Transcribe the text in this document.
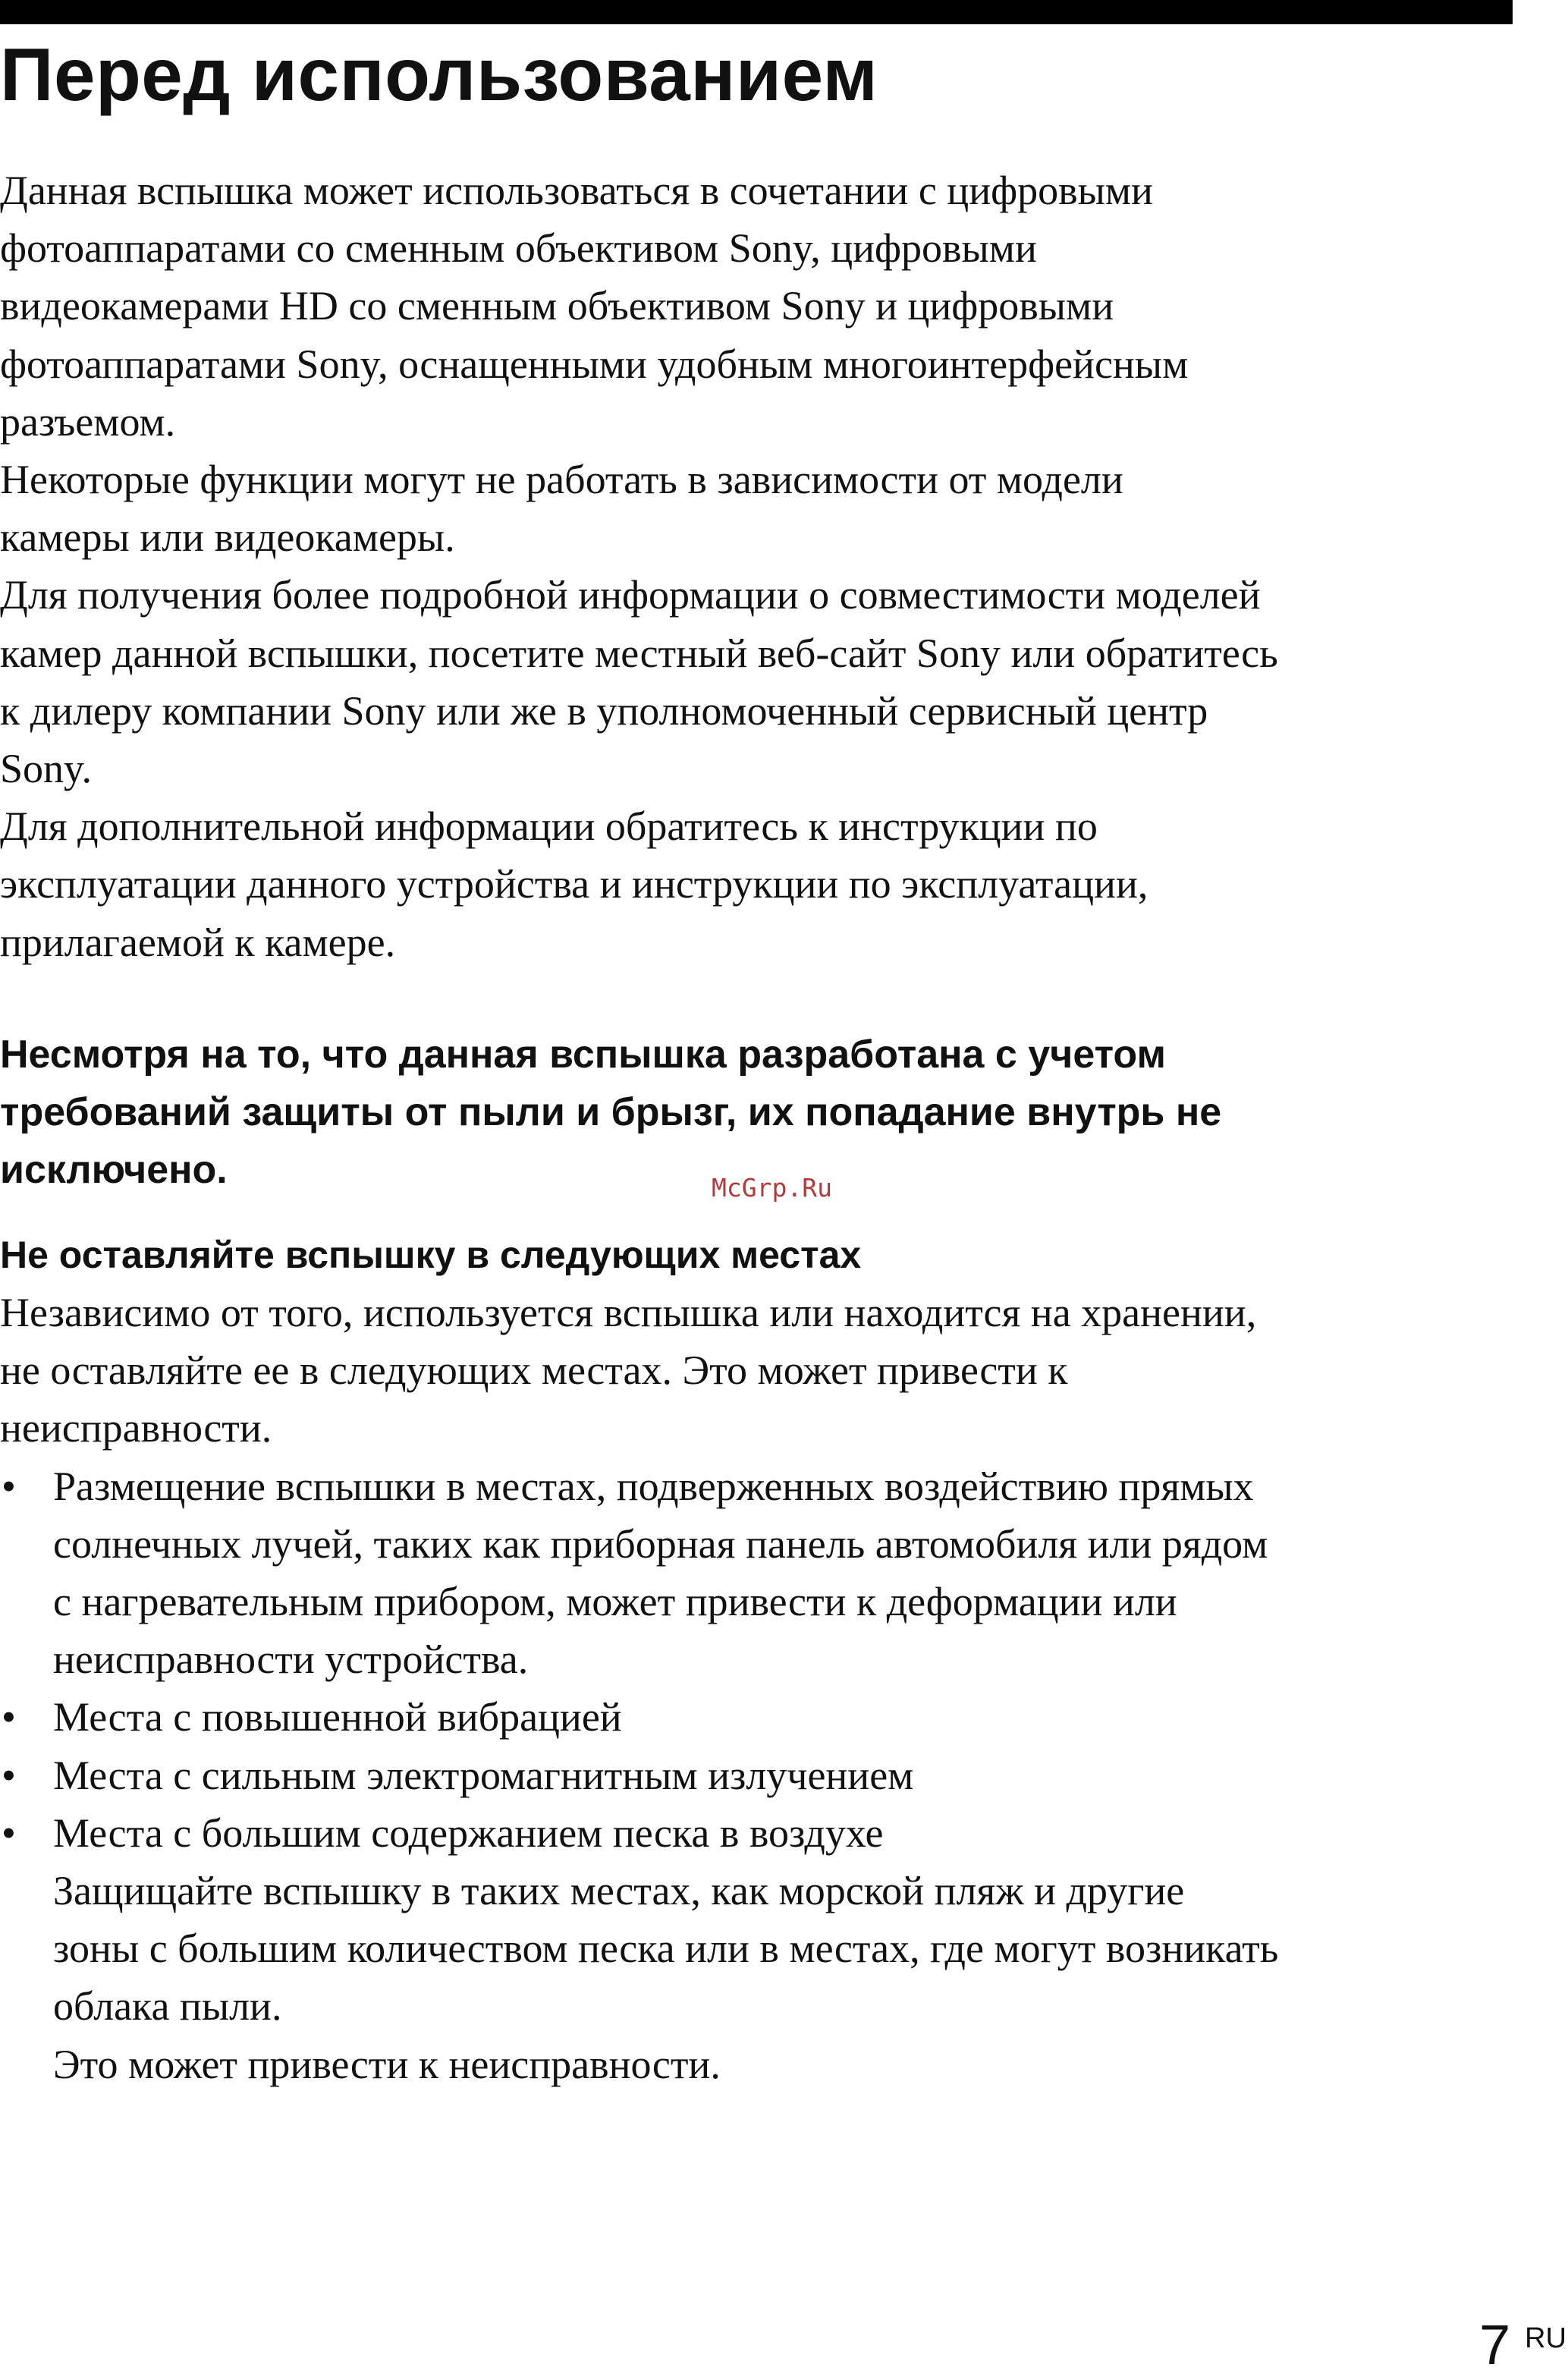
Перед использованием

Данная вспышка может использоваться в сочетании с цифровыми

фотоаппаратами со сменным объективом Sony, цифровыми

видеокамерами HD со сменным объективом Sony и цифровыми

фотоаппаратами Sony, оснащенными удобным многоинтерфейсным

разъемом.

Некоторые функции могут не работать в зависимости от модели

камеры или видеокамеры.

Для получения более подробной информации о совместимости моделей

камер данной вспышки, посетите местный веб-сайт Sony или обратитесь

к дилеру компании Sony или же в уполномоченный сервисный центр

Sony.

Для дополнительной информации обратитесь к инструкции по

эксплуатации данного устройства и инструкции по эксплуатации,

прилагаемой к камере.

Несмотря на то, что данная вспышка разработана с учетом
требований защиты от пыли и брызг, их попадание внутрь не
исключено.	McGrp.Ru
Не оставляйте вспышку в следующих местах

Независимо от того, используется вспышка или находится на хранении,

не оставляйте ее в следующих местах. Это может привести к

неисправности.

• Размещение вспышки в местах, подверженных воздействию прямых
солнечных лучей, таких как приборная панель автомобиля или рядом
с нагревательным прибором, может привести к деформации или
неисправности устройства.
• Места с повышенной вибрацией
• Места с сильным электромагнитным излучением
• Места с большим содержанием песка в воздухе
Защищайте вспышку в таких местах, как морской пляж и другие
зоны с большим количеством песка или в местах, где могут возникать
облака пыли.
Это может привести к неисправности.
7 RU
